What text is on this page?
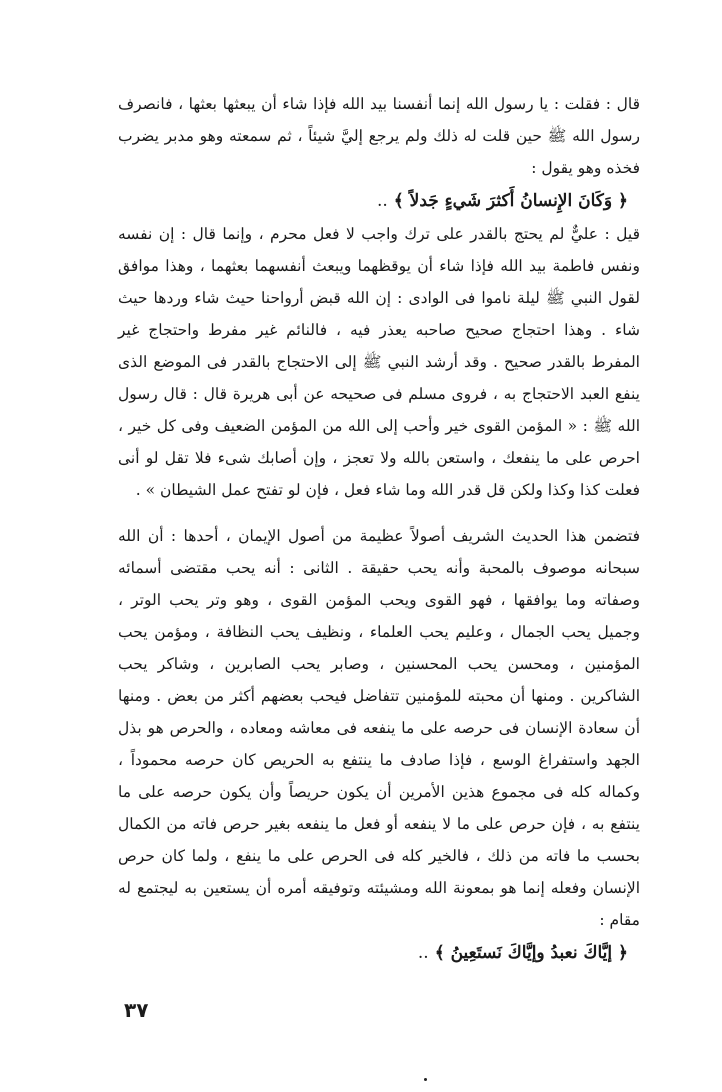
قال : فقلت : يا رسول الله إنما أنفسنا بيد الله فإذا شاء أن يبعثها بعثها ، فانصرف رسول الله ﷺ حين قلت له ذلك ولم يرجع إليَّ شيئاً ، ثم سمعته وهو مدبر يضرب فخذه وهو يقول :

﴿ وَكَانَ الإِنسانُ أَكثرَ شَيءٍ جَدلاً ﴾..

قيل : عليٌّ لم يحتج بالقدر على ترك واجب لا فعل محرم ، وإنما قال : إن نفسه ونفس فاطمة بيد الله فإذا شاء أن يوقظهما ويبعث أنفسهما بعثهما ، وهذا موافق لقول النبي ﷺ ليلة ناموا فى الوادى : إن الله قبض أرواحنا حيث شاء وردها حيث شاء . وهذا احتجاج صحيح صاحبه يعذر فيه ، فالنائم غير مفرط واحتجاج غير المفرط بالقدر صحيح . وقد أرشد النبي ﷺ إلى الاحتجاج بالقدر فى الموضع الذى ينفع العبد الاحتجاج به ، فروى مسلم فى صحيحه عن أبى هريرة قال : قال رسول الله ﷺ : « المؤمن القوى خير وأحب إلى الله من المؤمن الضعيف وفى كل خير ، احرص على ما ينفعك ، واستعن بالله ولا تعجز ، وإن أصابك شىء فلا تقل لو أنى فعلت كذا وكذا ولكن قل قدر الله وما شاء فعل ، فإن لو تفتح عمل الشيطان » .

فتضمن هذا الحديث الشريف أصولاً عظيمة من أصول الإيمان ، أحدها : أن الله سبحانه موصوف بالمحبة وأنه يحب حقيقة . الثانى : أنه يحب مقتضى أسمائه وصفاته وما يوافقها ، فهو القوى ويحب المؤمن القوى ، وهو وتر يحب الوتر ، وجميل يحب الجمال ، وعليم يحب العلماء ، ونظيف يحب النظافة ، ومؤمن يحب المؤمنين ، ومحسن يحب المحسنين ، وصابر يحب الصابرين ، وشاكر يحب الشاكرين . ومنها أن محبته للمؤمنين تتفاضل فيحب بعضهم أكثر من بعض . ومنها أن سعادة الإنسان فى حرصه على ما ينفعه فى معاشه ومعاده ، والحرص هو بذل الجهد واستفراغ الوسع ، فإذا صادف ما ينتفع به الحريص كان حرصه محموداً ، وكماله كله فى مجموع هذين الأمرين أن يكون حريصاً وأن يكون حرصه على ما ينتفع به ، فإن حرص على ما لا ينفعه أو فعل ما ينفعه بغير حرص فاته من الكمال بحسب ما فاته من ذلك ، فالخير كله فى الحرص على ما ينفع ، ولما كان حرص الإنسان وفعله إنما هو بمعونة الله ومشيئته وتوفيقه أمره أن يستعين به ليجتمع له مقام :

﴿ إيَّاكَ نعبدُ وإيَّاكَ نَستَعِينُ ﴾..

٣٧
